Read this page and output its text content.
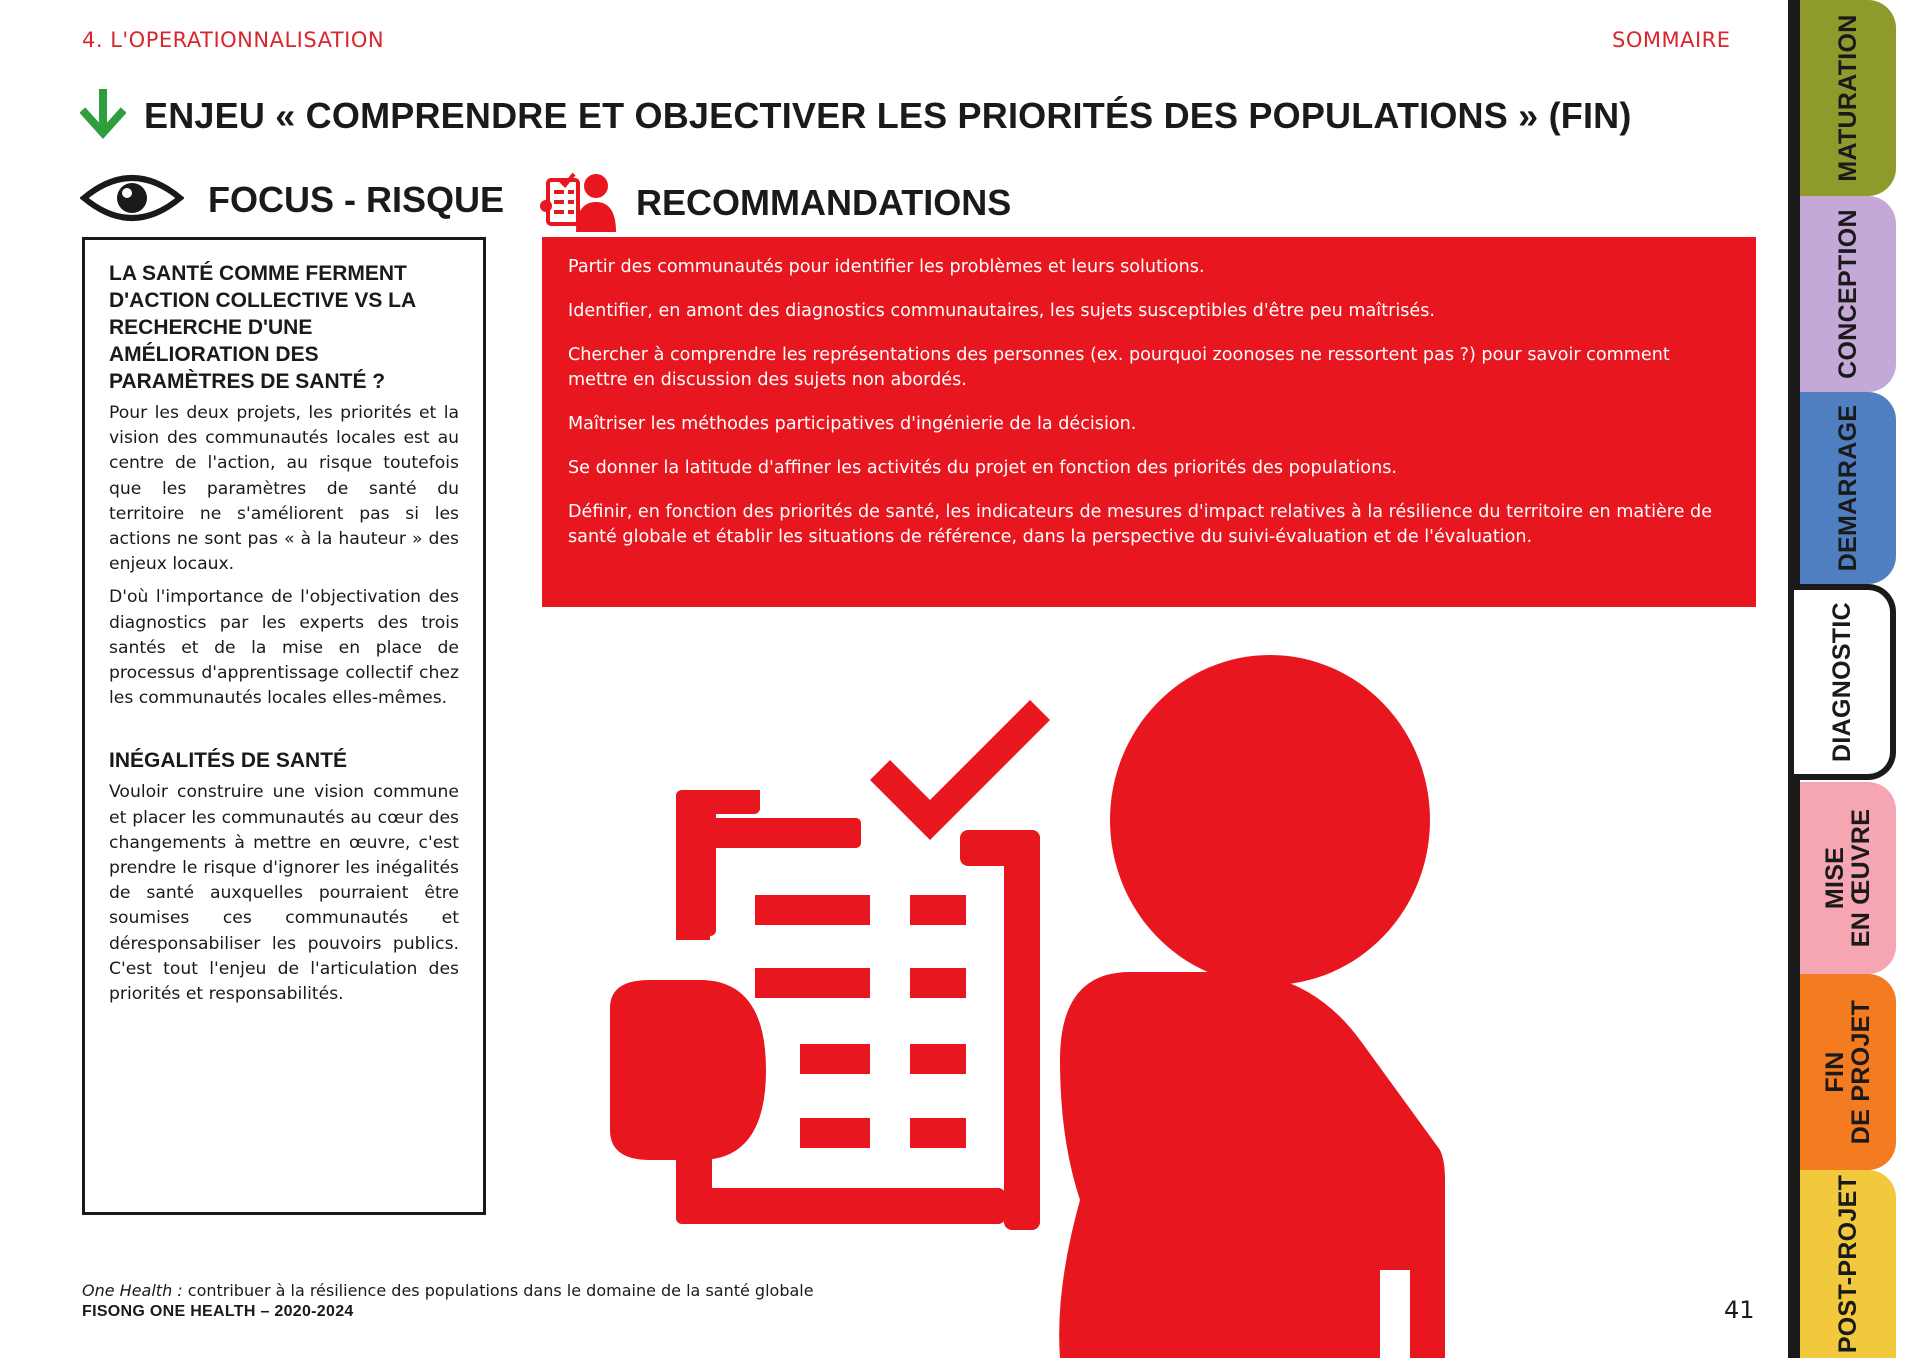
4. L'OPERATIONNALISATION	SOMMAIRE
ENJEU « COMPRENDRE ET OBJECTIVER LES PRIORITÉS DES POPULATIONS » (FIN)
FOCUS - RISQUE	RECOMMANDATIONS
LA SANTÉ COMME FERMENT D'ACTION COLLECTIVE VS LA RECHERCHE D'UNE AMÉLIORATION DES PARAMÈTRES DE SANTÉ ?

Pour les deux projets, les priorités et la vision des communautés locales est au centre de l'action, au risque toutefois que les paramètres de santé du territoire ne s'améliorent pas si les actions ne sont pas « à la hauteur » des enjeux locaux.

D'où l'importance de l'objectivation des diagnostics par les experts des trois santés et de la mise en place de processus d'apprentissage collectif chez les communautés locales elles-mêmes.

INÉGALITÉS DE SANTÉ

Vouloir construire une vision commune et placer les communautés au cœur des changements à mettre en œuvre, c'est prendre le risque d'ignorer les inégalités de santé auxquelles pourraient être soumises ces communautés et déresponsabiliser les pouvoirs publics. C'est tout l'enjeu de l'articulation des priorités et responsabilités.

Partir des communautés pour identifier les problèmes et leurs solutions.
Identifier, en amont des diagnostics communautaires, les sujets susceptibles d'être peu maîtrisés.
Chercher à comprendre les représentations des personnes (ex. pourquoi zoonoses ne ressortent pas ?) pour savoir comment mettre en discussion des sujets non abordés.
Maîtriser les méthodes participatives d'ingénierie de la décision.
Se donner la latitude d'affiner les activités du projet en fonction des priorités des populations.
Définir, en fonction des priorités de santé, les indicateurs de mesures d'impact relatives à la résilience du territoire en matière de santé globale et établir les situations de référence, dans la perspective du suivi-évaluation et de l'évaluation.
One Health : contribuer à la résilience des populations dans le domaine de la santé globale
FISONG ONE HEALTH – 2020-2024	41
MATURATION
CONCEPTION
DEMARRAGE
DIAGNOSTIC
MISE
EN ŒUVRE
FIN
DE PROJET
POST-PROJET
